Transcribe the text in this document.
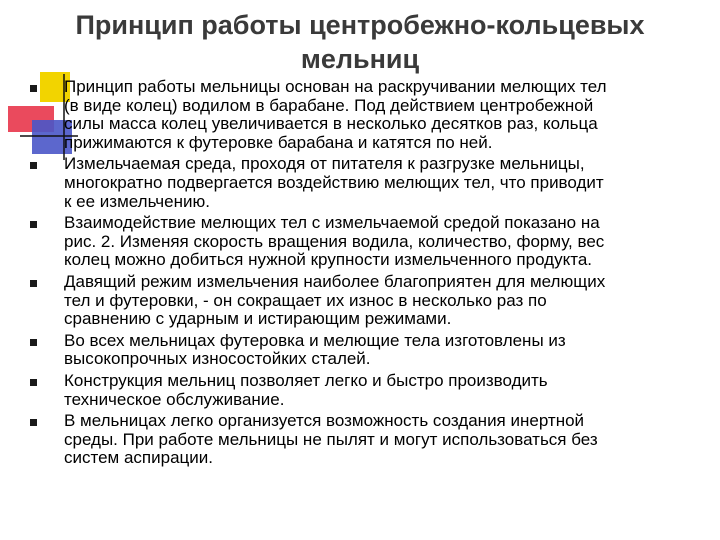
Принцип работы центробежно-кольцевых
мельниц
Принцип работы мельницы основан на раскручивании мелющих тел
(в виде колец) водилом в барабане. Под действием центробежной
силы масса колец увеличивается в несколько десятков раз, кольца
прижимаются к футеровке барабана и катятся по ней.
Измельчаемая среда, проходя от питателя к разгрузке мельницы,
многократно подвергается воздействию мелющих тел, что приводит
к ее измельчению.
Взаимодействие мелющих тел с измельчаемой средой показано на
рис. 2. Изменяя скорость вращения водила, количество, форму, вес
колец можно добиться нужной крупности измельченного продукта.
Давящий режим измельчения наиболее благоприятен для мелющих
тел и футеровки, - он сокращает их износ в несколько раз по
сравнению с ударным и истирающим режимами.
Во всех мельницах футеровка и мелющие тела изготовлены из
высокопрочных износостойких сталей.
Конструкция мельниц позволяет легко и быстро производить
техническое обслуживание.
В мельницах легко организуется возможность создания инертной
среды. При работе мельницы не пылят и могут использоваться без
систем аспирации.
